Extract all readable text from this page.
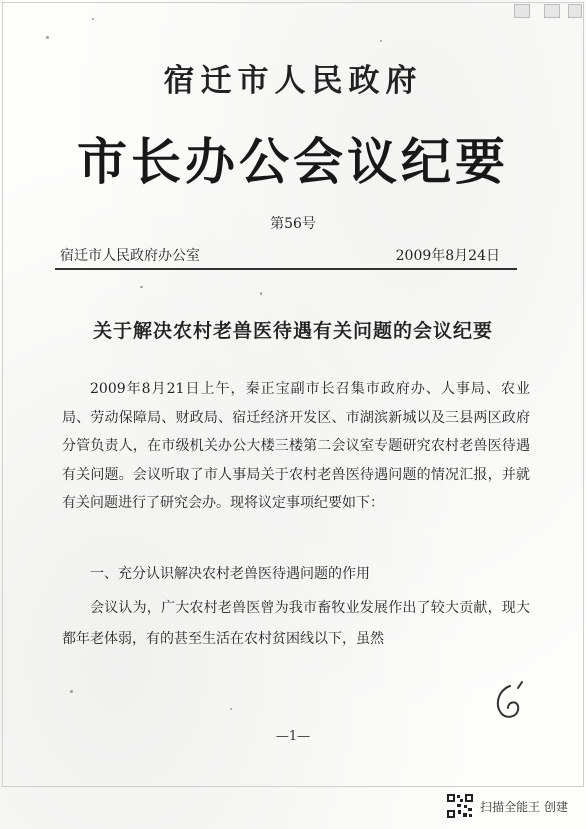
宿迁市人民政府
市长办公会议纪要
第56号
宿迁市人民政府办公室	2009年8月24日
关于解决农村老兽医待遇有关问题的会议纪要

2009年8月21日上午，秦正宝副市长召集市政府办、人事局、农业局、劳动保障局、财政局、宿迁经济开发区、市湖滨新城以及三县两区政府分管负责人，在市级机关办公大楼三楼第二会议室专题研究农村老兽医待遇有关问题。会议听取了市人事局关于农村老兽医待遇问题的情况汇报，并就有关问题进行了研究会办。现将议定事项纪要如下：

一、充分认识解决农村老兽医待遇问题的作用

会议认为，广大农村老兽医曾为我市畜牧业发展作出了较大贡献，现大都年老体弱，有的甚至生活在农村贫困线以下，虽然

—1—
扫描全能王 创建
